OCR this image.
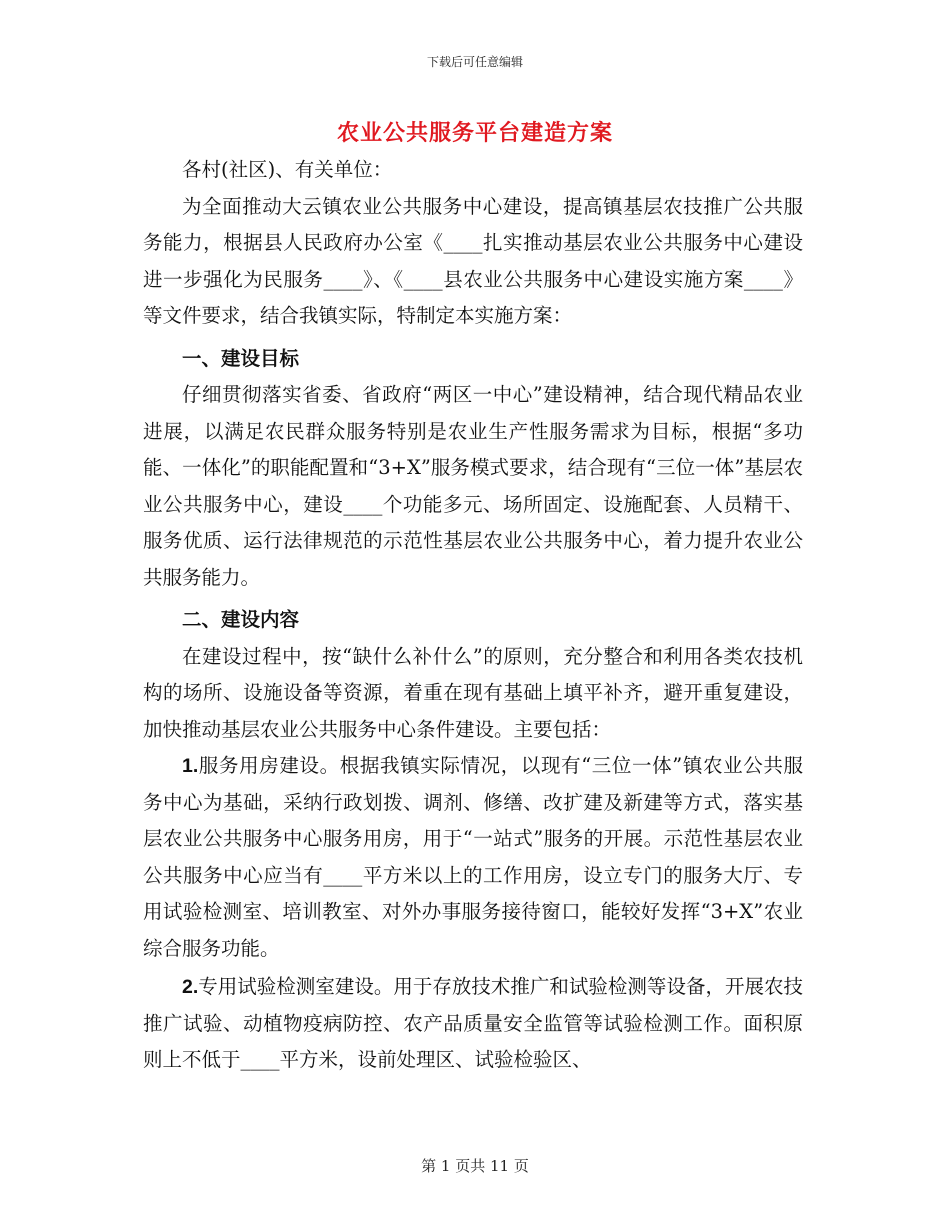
下载后可任意编辑
农业公共服务平台建造方案

各村(社区)、有关单位：

为全面推动大云镇农业公共服务中心建设，提高镇基层农技推广公共服务能力，根据县人民政府办公室《____扎实推动基层农业公共服务中心建设进一步强化为民服务____》、《____县农业公共服务中心建设实施方案____》等文件要求，结合我镇实际，特制定本实施方案：

一、建设目标

仔细贯彻落实省委、省政府“两区一中心”建设精神，结合现代精品农业进展，以满足农民群众服务特别是农业生产性服务需求为目标，根据“多功能、一体化”的职能配置和“3+X”服务模式要求，结合现有“三位一体”基层农业公共服务中心，建设____个功能多元、场所固定、设施配套、人员精干、服务优质、运行法律规范的示范性基层农业公共服务中心，着力提升农业公共服务能力。

二、建设内容

在建设过程中，按“缺什么补什么”的原则，充分整合和利用各类农技机构的场所、设施设备等资源，着重在现有基础上填平补齐，避开重复建设，加快推动基层农业公共服务中心条件建设。主要包括：

1.服务用房建设。根据我镇实际情况，以现有“三位一体”镇农业公共服务中心为基础，采纳行政划拨、调剂、修缮、改扩建及新建等方式，落实基层农业公共服务中心服务用房，用于“一站式”服务的开展。示范性基层农业公共服务中心应当有____平方米以上的工作用房，设立专门的服务大厅、专用试验检测室、培训教室、对外办事服务接待窗口，能较好发挥“3+X”农业综合服务功能。

2.专用试验检测室建设。用于存放技术推广和试验检测等设备，开展农技推广试验、动植物疫病防控、农产品质量安全监管等试验检测工作。面积原则上不低于____平方米，设前处理区、试验检验区、

第 1 页共 11 页
